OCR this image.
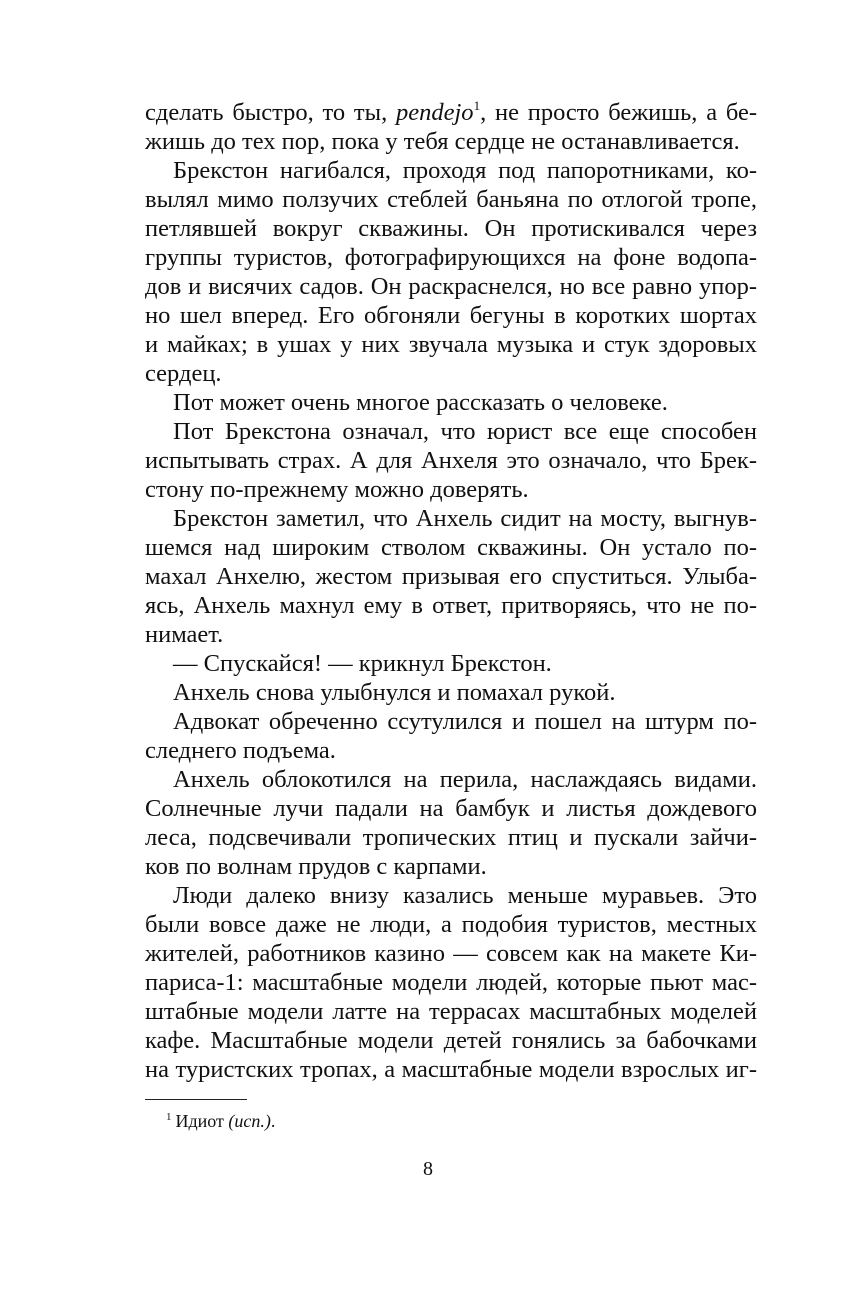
сделать быстро, то ты, pendejo$^1$, не просто бежишь, а бе-
жишь до тех пор, пока у тебя сердце не останавливается.
Брекстон нагибался, проходя под папоротниками, ко-
вылял мимо ползучих стеблей баньяна по отлогой тропе,
петлявшей вокруг скважины. Он протискивался через
группы туристов, фотографирующихся на фоне водопа-
дов и висячих садов. Он раскраснелся, но все равно упор-
но шел вперед. Его обгоняли бегуны в коротких шортах
и майках; в ушах у них звучала музыка и стук здоровых
сердец.
Пот может очень многое рассказать о человеке.
Пот Брекстона означал, что юрист все еще способен
испытывать страх. А для Анхеля это означало, что Брек-
стону по-прежнему можно доверять.
Брекстон заметил, что Анхель сидит на мосту, выгнув-
шемся над широким стволом скважины. Он устало по-
махал Анхелю, жестом призывая его спуститься. Улыба-
ясь, Анхель махнул ему в ответ, притворяясь, что не по-
нимает.
— Спускайся! — крикнул Брекстон.
Анхель снова улыбнулся и помахал рукой.
Адвокат обреченно ссутулился и пошел на штурм по-
следнего подъема.
Анхель облокотился на перила, наслаждаясь видами.
Солнечные лучи падали на бамбук и листья дождевого
леса, подсвечивали тропических птиц и пускали зайчи-
ков по волнам прудов с карпами.
Люди далеко внизу казались меньше муравьев. Это
были вовсе даже не люди, а подобия туристов, местных
жителей, работников казино — совсем как на макете Ки-
париса-1: масштабные модели людей, которые пьют мас-
штабные модели латте на террасах масштабных моделей
кафе. Масштабные модели детей гонялись за бабочками
на туристских тропах, а масштабные модели взрослых иг-
$^1$ Идиот (исп.).
8
